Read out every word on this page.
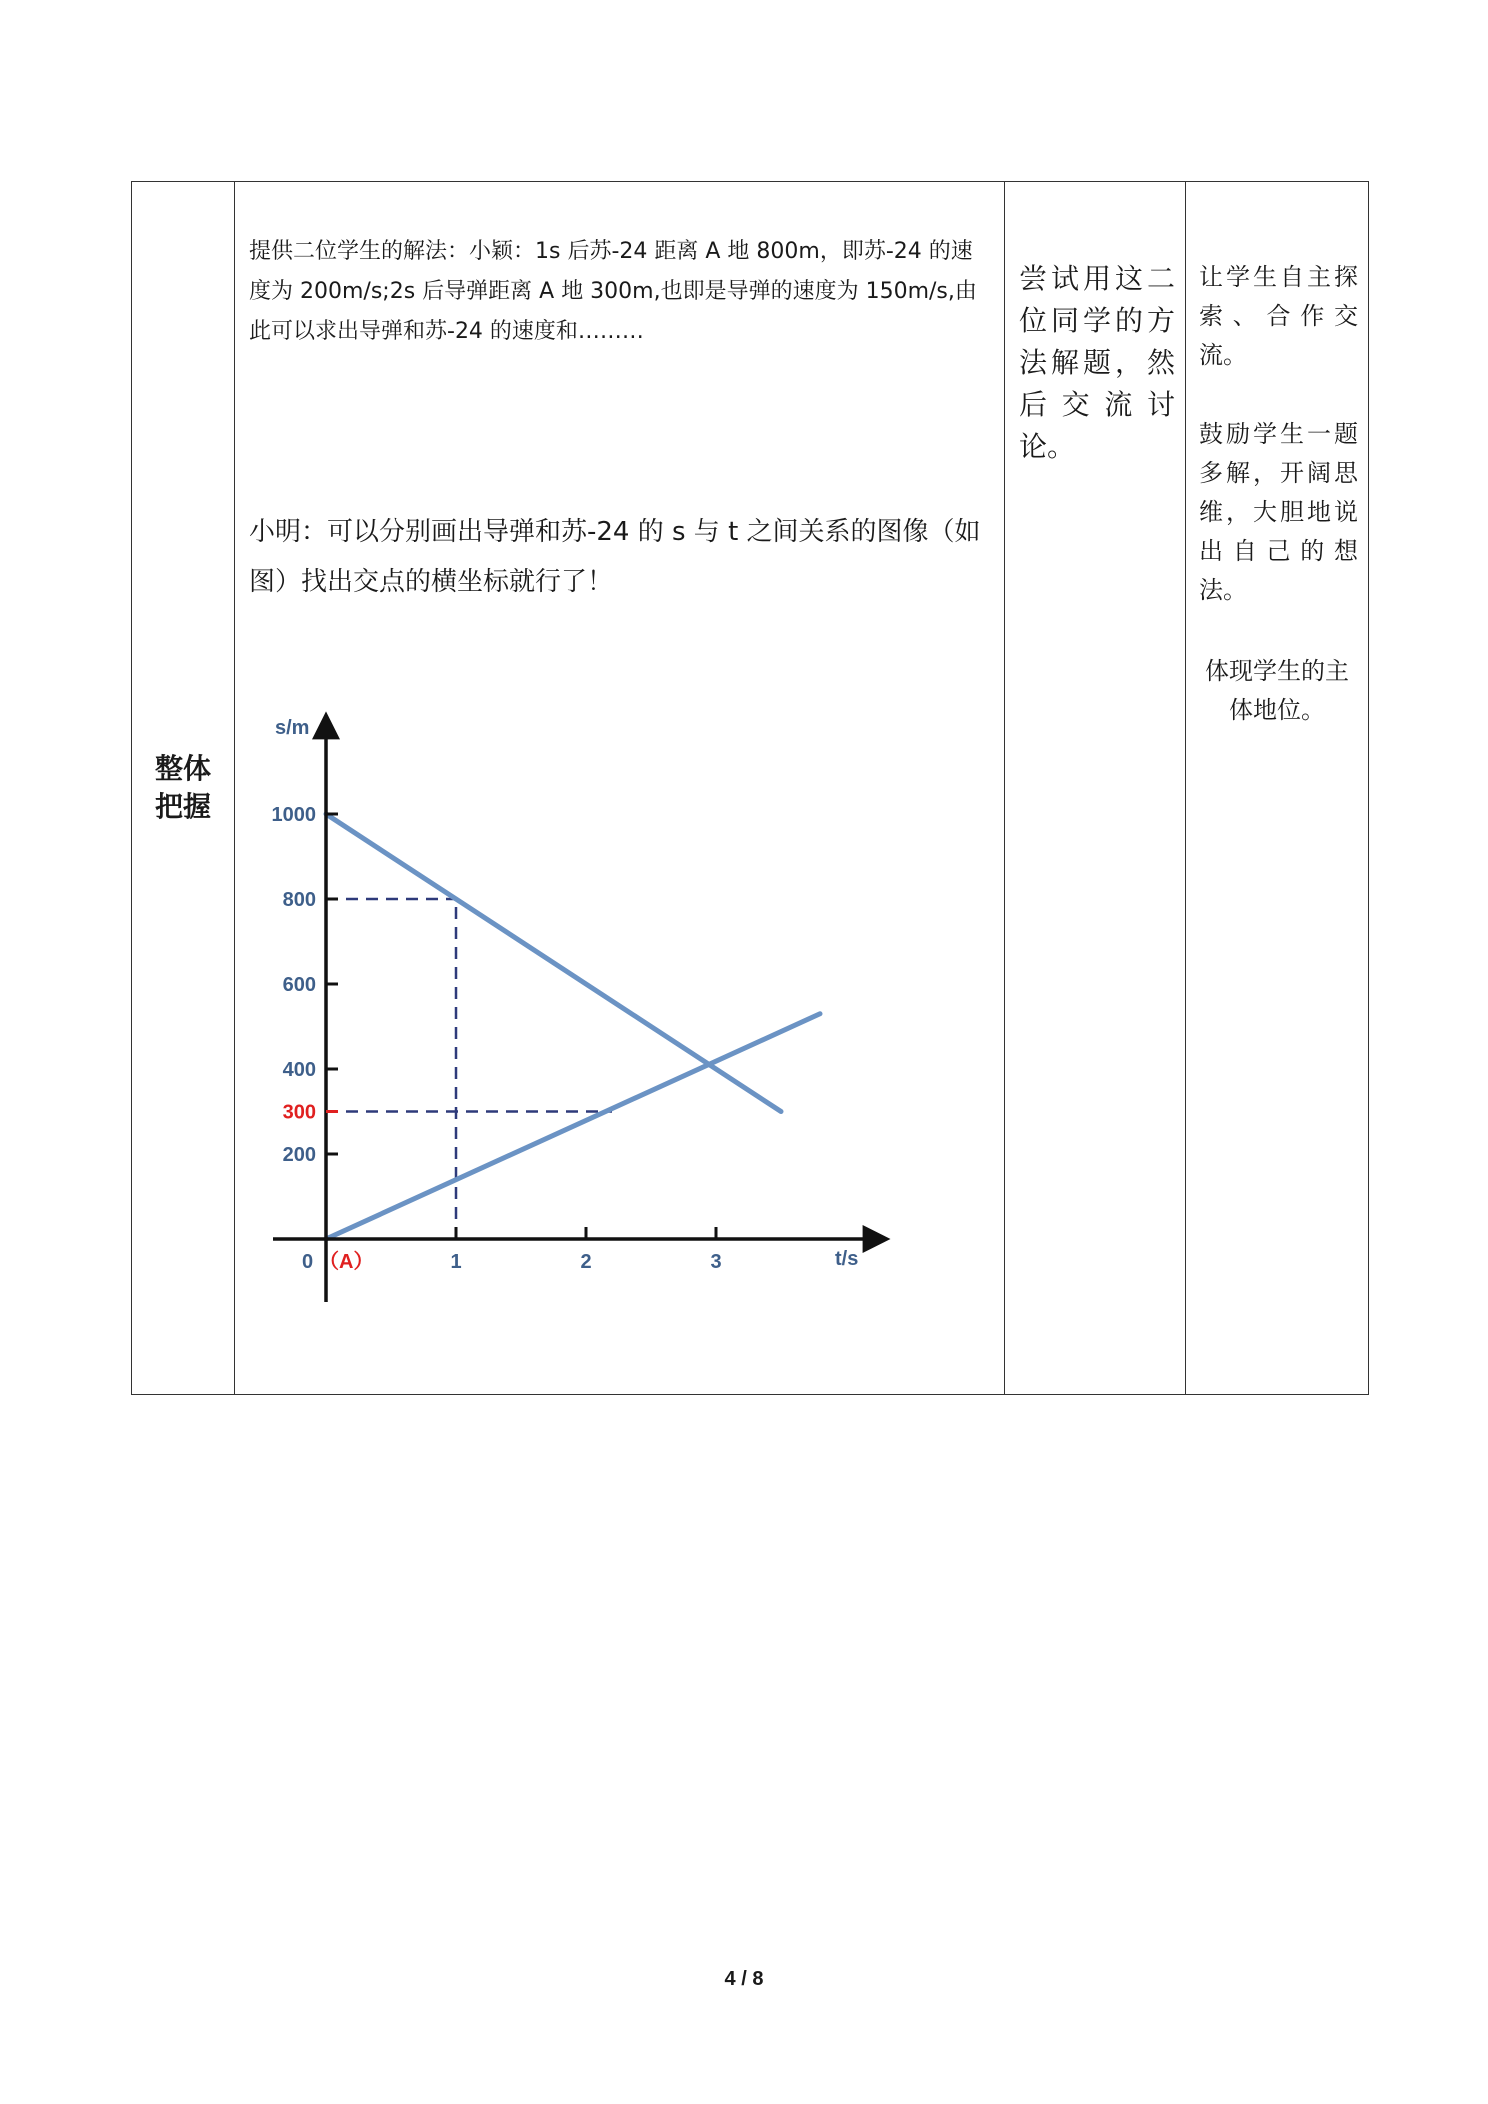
整体
把握

提供二位学生的解法：小颖：1s 后苏-24 距离 A 地 800m，即苏-24 的速度为 200m/s;2s 后导弹距离 A 地 300m,也即是导弹的速度为 150m/s,由此可以求出导弹和苏-24 的速度和………
小明：可以分别画出导弹和苏-24 的 s 与 t 之间关系的图像（如图）找出交点的横坐标就行了！
200
300
400
600
800
1000
1	2	3
s/m
t/s
0 （A）

尝试用这二位同学的方法解题，然后交流讨论。

让学生自主探索、合作交流。
鼓励学生一题多解，开阔思维，大胆地说出自己的想法。
体现学生的主体地位。
4 / 8
